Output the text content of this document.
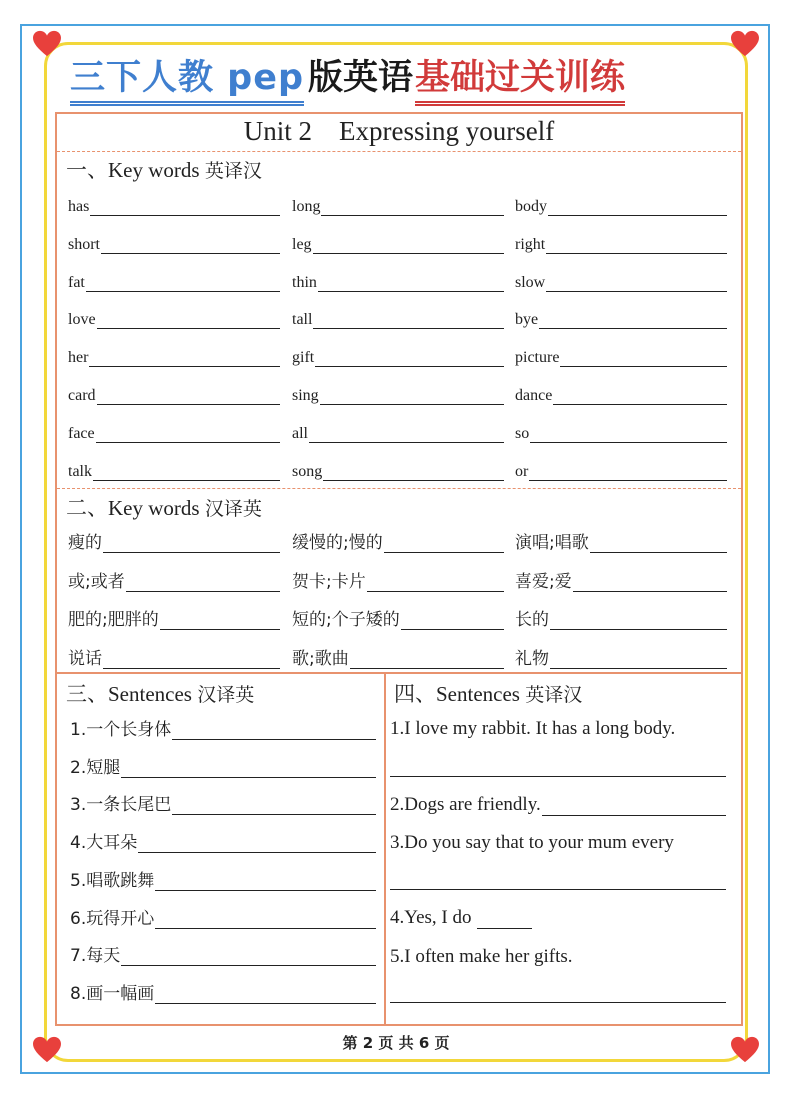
三下人教 pep 版英语基础过关训练
Unit 2    Expressing yourself
一、Key words 英译汉
has	long	body
short	leg	right
fat	thin	slow
love	tall	bye
her	gift	picture
card	sing	dance
face	all	so
talk	song	or
二、Key words 汉译英
瘦的	缓慢的;慢的	演唱;唱歌
或;或者	贺卡;卡片	喜爱;爱
肥的;肥胖的	短的;个子矮的	长的
说话	歌;歌曲	礼物
三、Sentences 汉译英
1.一个长身体
2.短腿
3.一条长尾巴
4.大耳朵
5.唱歌跳舞
6.玩得开心
7.每天
8.画一幅画
四、Sentences 英译汉
1.I love my rabbit. It has a long body.
2.Dogs are friendly.
3.Do you say that to your mum every
4.Yes, I do
5.I often make her gifts.
第 2 页 共 6 页
